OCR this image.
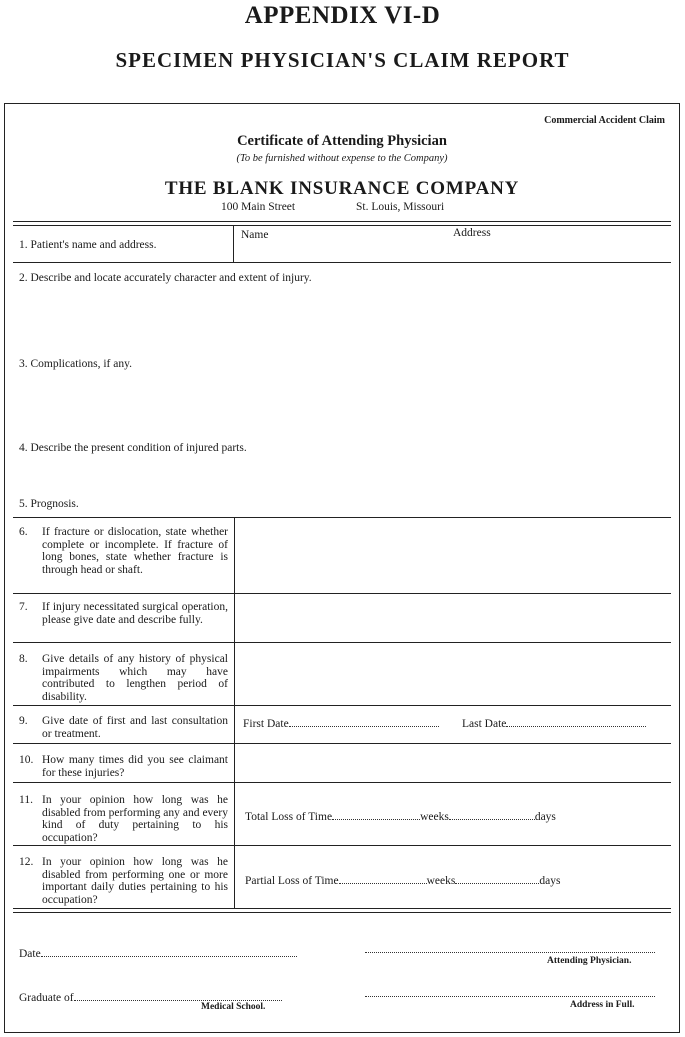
APPENDIX VI-D
SPECIMEN PHYSICIAN'S CLAIM REPORT
Commercial Accident Claim
Certificate of Attending Physician
(To be furnished without expense to the Company)
THE BLANK INSURANCE COMPANY
100 Main Street	St. Louis, Missouri
1. Patient's name and address.
Name	Address
2. Describe and locate accurately character and extent of injury.
3. Complications, if any.
4. Describe the present condition of injured parts.
5. Prognosis.
6.	If fracture or dislocation, state whether complete or incomplete. If fracture of long bones, state whether fracture is through head or shaft.
7. If injury necessitated surgical operation, please give date and describe fully.
8. Give details of any history of physical impairments which may have contributed to lengthen period of disability.
9. Give date of first and last consultation or treatment.
First Date	Last Date
10. How many times did you see claimant for these injuries?
11. In your opinion how long was he disabled from performing any and every kind of duty pertaining to his occupation?
Total Loss of Time	weeks	days
12. In your opinion how long was he disabled from performing one or more important daily duties pertaining to his occupation?
Partial Loss of Time	weeks	days
Date
Attending Physician.
Graduate of
Medical School.	Address in Full.
